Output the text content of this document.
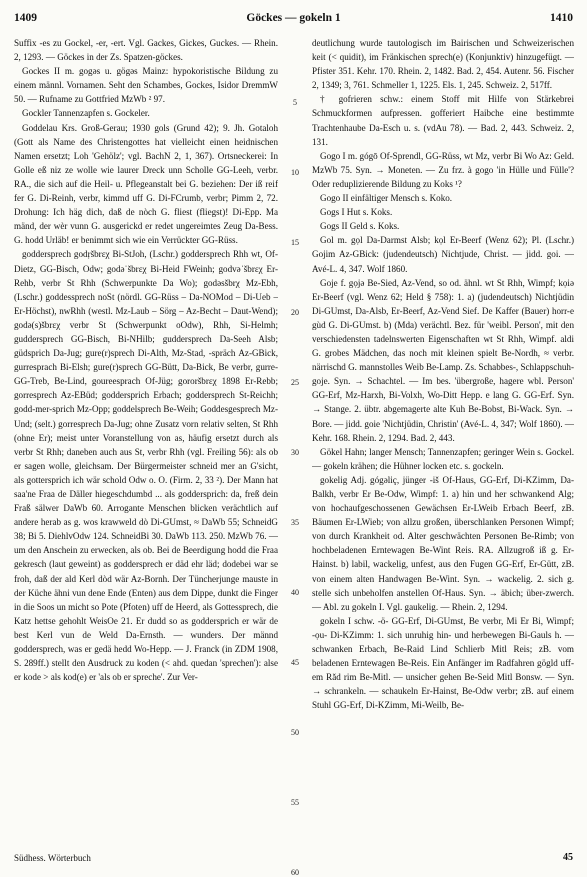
1409	Göckes — gokeln 1	1410

Suffix -es zu Gockel, -er, -ert. Vgl. Gackes, Gickes, Guckes. — Rhein. 2, 1293. — Göckes in der Zs. Spatzen-göckes.

Gockes II m. gogəs u. gögəs Mainz: hypokoristische Bildung zu einem männl. Vornamen. Seht den Schambes, Gockes, Isidor DremmW 50. — Rufname zu Gottfried MzWb ² 97.

Gockler Tannenzapfen s. Gockeler.

Goddelau Krs. Groß-Gerau; 1930 gols (Grund 42); 9. Jh. Gotaloh (Gott als Name des Christengottes hat vielleicht einen heidnischen Namen ersetzt; Loh 'Gehölz'; vgl. BachN 2, 1, 367). Ortsneckerei: In Golle eß niz ze wolle wie laurer Dreck unn Scholle GG-Leeh, verbr. RA., die sich auf die Heil- u. Pflegeanstalt bei G. beziehen: Der iß reif fer G. Di-Reinh, verbr, kimmd uff G. Di-FCrumb, verbr; Pimm 2, 72. Drohung: Ich häg dich, daß de nòch G. fliest (fliegst)! Di-Epp. Ma mänd, der wèr vunn G. ausgerickd er redet ungereimtes Zeug Da-Bess. G. hodd Urläb! er benimmt sich wie ein Verrückter GG-Rüss.

goddersprech gοdṛšbrεχ Bi-StJoh, (Lschr.) goddersprech Rhh wt, Of-Dietz, GG-Bisch, Odw; godəˈšbrεχ Bi-Heid FWeinh; godvəˈšbrεχ Er-Rehb, verbr St Rhh (Schwerpunkte Da Wo); godəsšbrχ Mz-Ebh, (Lschr.) goddessprech noSt (nördl. GG-Rüss – Da-NOMod – Di-Ueb – Er-Höchst), nwRhh (westl. Mz-Laub – Sörg – Az-Becht – Daut-Wend); godə(s)šbrεχ verbr St (Schwerpunkt oOdw), Rhh, Si-Helmh; guddersprech GG-Bisch, Bi-NHilb; guddersprech Da-Seeh Alsb; güdsprich Da-Jug; gure(r)sprech Di-Alth, Mz-Stad, -spräch Az-GBick, gurresprach Bi-Elsh; gure(r)sprech GG-Bütt, Da-Bick, Be verbr, gurre- GG-Treb, Be-Lind, goureesprach Of-Jüg; gororšbrεχ 1898 Er-Rebb; gorresprech Az-EBüd; goddersprich Erbach; goddersprech St-Reichh; godd-mer-sprich Mz-Opp; goddelsprech Be-Weih; Goddesgesprech Mz-Und; (selt.) gorresprech Da-Jug; ohne Zusatz vorn relativ selten, St Rhh (ohne Er); meist unter Voranstellung von as, häufig ersetzt durch als verbr St Rhh; daneben auch aus St, verbr Rhh (vgl. Freiling 56): als ob er sagen wolle, gleichsam. Der Bürgermeister schneid mer an G'sicht, als gottersprich ich wär schold Odw o. O. (Firm. 2, 33 ²). Der Mann hat saa'ne Fraa de Däller hiegeschdumbd ... als goddersprich: da, freß dein Fraß sälwer DaWb 60. Arrogante Menschen blicken verächtlich auf andere herab as g. wos krawweld dò Di-GUmst, ≈ DaWb 55; SchneidG 38; Bi 5. DiehlvOdw 124. SchneidBi 30. DaWb 113. 250. MzWb 76. — um den Anschein zu erwecken, als ob. Bei de Beerdigung hodd die Fraa gekresch (laut geweint) as goddersprech er däd ehr läd; dodebei war se froh, daß der ald Kerl dòd wär Az-Bornh. Der Tüncherjunge mauste in der Küche ähni vun dene Ende (Enten) aus dem Dippe, dunkt die Finger in die Soos un micht so Pote (Pfoten) uff de Heerd, als Gottessprech, die Katz hettse gehohlt WeisOe 21. Er dudd so as goddersprich er wär de best Kerl vun de Weld Da-Ernsth. — wunders. Der männd goddersprech, was er gedä hedd Wo-Hepp. — J. Franck (in ZDM 1908, S. 289ff.) stellt den Ausdruck zu koden (< ahd. quedan 'sprechen'): alse er kode > als kod(e) er 'als ob er spreche'. Zur Ver-

5
10
15
20
25
30
35
40
45
50
55
60

deutlichung wurde tautologisch im Bairischen und Schweizerischen keit (< quidit), im Fränkischen sprech(e) (Konjunktiv) hinzugefügt. — Pfister 351. Kehr. 170. Rhein. 2, 1482. Bad. 2, 454. Autenr. 56. Fischer 2, 1349; 3, 761. Schmeller 1, 1225. Els. 1, 245. Schweiz. 2, 517ff.

† gofrieren schw.: einem Stoff mit Hilfe von Stärkebrei Schmuckformen aufpressen. gofferiert Haibche eine bestimmte Trachtenhaube Da-Esch u. s. (vdAu 78). — Bad. 2, 443. Schweiz. 2, 131.

Gogo I m. gógō Of-Sprendl, GG-Rüss, wt Mz, verbr Bi Wo Az: Geld. MzWb 75. Syn. → Moneten. — Zu frz. à gogo 'in Hülle und Fülle'? Oder reduplizierende Bildung zu Koks ¹?

Gogo II einfältiger Mensch s. Koko.

Gogs I Hut s. Koks.

Gogs II Geld s. Koks.

Gol m. gọl Da-Darmst Alsb; kọl Er-Beerf (Wenz 62); Pl. (Lschr.) Gojim Az-GBick: (judendeutsch) Nichtjude, Christ. — jidd. goi. — Avé-L. 4, 347. Wolf 1860.

Goje f. gọjə Be-Sied, Az-Vend, so od. ähnl. wt St Rhh, Wimpf; kọiə Er-Beerf (vgl. Wenz 62; Held § 758): 1. a) (judendeutsch) Nichtjüdin Di-GUmst, Da-Alsb, Er-Beerf, Az-Vend Sief. De Kaffer (Bauer) horr-e gùd G. Di-GUmst. b) (Mda) verächtl. Bez. für 'weibl. Person', mit den verschiedensten tadelnswerten Eigenschaften wt St Rhh, Wimpf. aldi G. grobes Mädchen, das noch mit kleinen spielt Be-Nordh, ≈ verbr. närrischd G. mannstolles Weib Be-Lamp. Zs. Schabbes-, Schlappschuh-goje. Syn. → Schachtel. — Im bes. 'übergroße, hagere wbl. Person' GG-Erf, Mz-Harxh, Bi-Volxh, Wo-Ditt Hepp. e lang G. GG-Erf. Syn. → Stange. 2. übtr. abgemagerte alte Kuh Be-Bobst, Bi-Wack. Syn. → Bore. — jidd. goie 'Nichtjüdin, Christin' (Avé-L. 4, 347; Wolf 1860). — Kehr. 168. Rhein. 2, 1294. Bad. 2, 443.

Gökel Hahn; langer Mensch; Tannenzapfen; geringer Wein s. Gockel. — gokeln krähen; die Hühner locken etc. s. gockeln.

gokelig Adj. gógəliç, jünger -iš Of-Haus, GG-Erf, Di-KZimm, Da-Balkh, verbr Er Be-Odw, Wimpf: 1. a) hin und her schwankend Alg; von hochaufgeschossenen Gewächsen Er-LWeib Erbach Beerf, zB. Bäumen Er-LWieb; von allzu großen, überschlanken Personen Wimpf; von durch Krankheit od. Alter geschwächten Personen Be-Rimb; von hochbeladenen Erntewagen Be-Wint Reis. RA. Allzugroß iß g. Er-Hainst. b) labil, wackelig, unfest, aus den Fugen GG-Erf, Er-Gütt, zB. von einem alten Handwagen Be-Wint. Syn. → wackelig. 2. sich g. stelle sich unbeholfen anstellen Of-Haus. Syn. → äbich; über-zwerch. — Abl. zu gokeln I. Vgl. gaukelig. — Rhein. 2, 1294.

gokeln I schw. -ö- GG-Erf, Di-GUmst, Be verbr, Mi Er Bi, Wimpf; -ọu- Di-KZimm: 1. sich unruhig hin- und herbewegen Bi-Gauls h. — schwanken Erbach, Be-Raid Lind Schlierb Mitl Reis; zB. vom beladenen Erntewagen Be-Reis. Ein Anfänger im Radfahren gögld uff-em Rǎd rim Be-Mitl. — unsicher gehen Be-Seid Mitl Bonsw. — Syn. → schrankeln. — schaukeln Er-Hainst, Be-Odw verbr; zB. auf einem Stuhl GG-Erf, Di-KZimm, Mi-Weilb, Be-

Südhess. Wörterbuch	45
